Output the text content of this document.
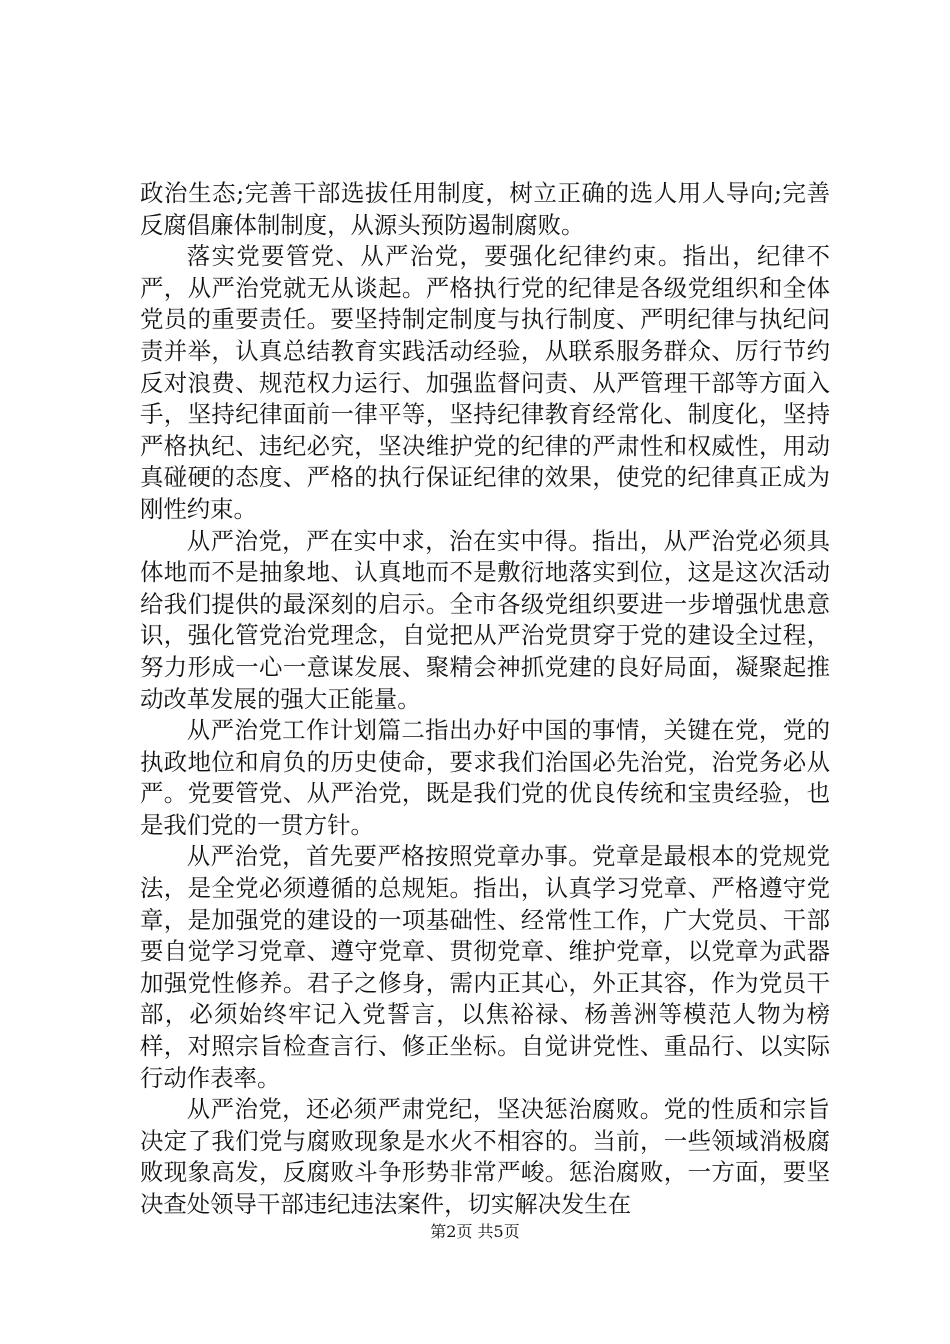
政治生态;完善干部选拔任用制度，树立正确的选人用人导向;完善反腐倡廉体制制度，从源头预防遏制腐败。

落实党要管党、从严治党，要强化纪律约束。指出，纪律不严，从严治党就无从谈起。严格执行党的纪律是各级党组织和全体党员的重要责任。要坚持制定制度与执行制度、严明纪律与执纪问责并举，认真总结教育实践活动经验，从联系服务群众、厉行节约反对浪费、规范权力运行、加强监督问责、从严管理干部等方面入手，坚持纪律面前一律平等，坚持纪律教育经常化、制度化，坚持严格执纪、违纪必究，坚决维护党的纪律的严肃性和权威性，用动真碰硬的态度、严格的执行保证纪律的效果，使党的纪律真正成为刚性约束。

从严治党，严在实中求，治在实中得。指出，从严治党必须具体地而不是抽象地、认真地而不是敷衍地落实到位，这是这次活动给我们提供的最深刻的启示。全市各级党组织要进一步增强忧患意识，强化管党治党理念，自觉把从严治党贯穿于党的建设全过程，努力形成一心一意谋发展、聚精会神抓党建的良好局面，凝聚起推动改革发展的强大正能量。

从严治党工作计划篇二指出办好中国的事情，关键在党，党的执政地位和肩负的历史使命，要求我们治国必先治党，治党务必从严。党要管党、从严治党，既是我们党的优良传统和宝贵经验，也是我们党的一贯方针。

从严治党，首先要严格按照党章办事。党章是最根本的党规党法，是全党必须遵循的总规矩。指出，认真学习党章、严格遵守党章，是加强党的建设的一项基础性、经常性工作，广大党员、干部要自觉学习党章、遵守党章、贯彻党章、维护党章，以党章为武器加强党性修养。君子之修身，需内正其心，外正其容，作为党员干部，必须始终牢记入党誓言，以焦裕禄、杨善洲等模范人物为榜样，对照宗旨检查言行、修正坐标。自觉讲党性、重品行、以实际行动作表率。

从严治党，还必须严肃党纪，坚决惩治腐败。党的性质和宗旨决定了我们党与腐败现象是水火不相容的。当前，一些领域消极腐败现象高发，反腐败斗争形势非常严峻。惩治腐败，一方面，要坚决查处领导干部违纪违法案件，切实解决发生在

第2页 共5页
